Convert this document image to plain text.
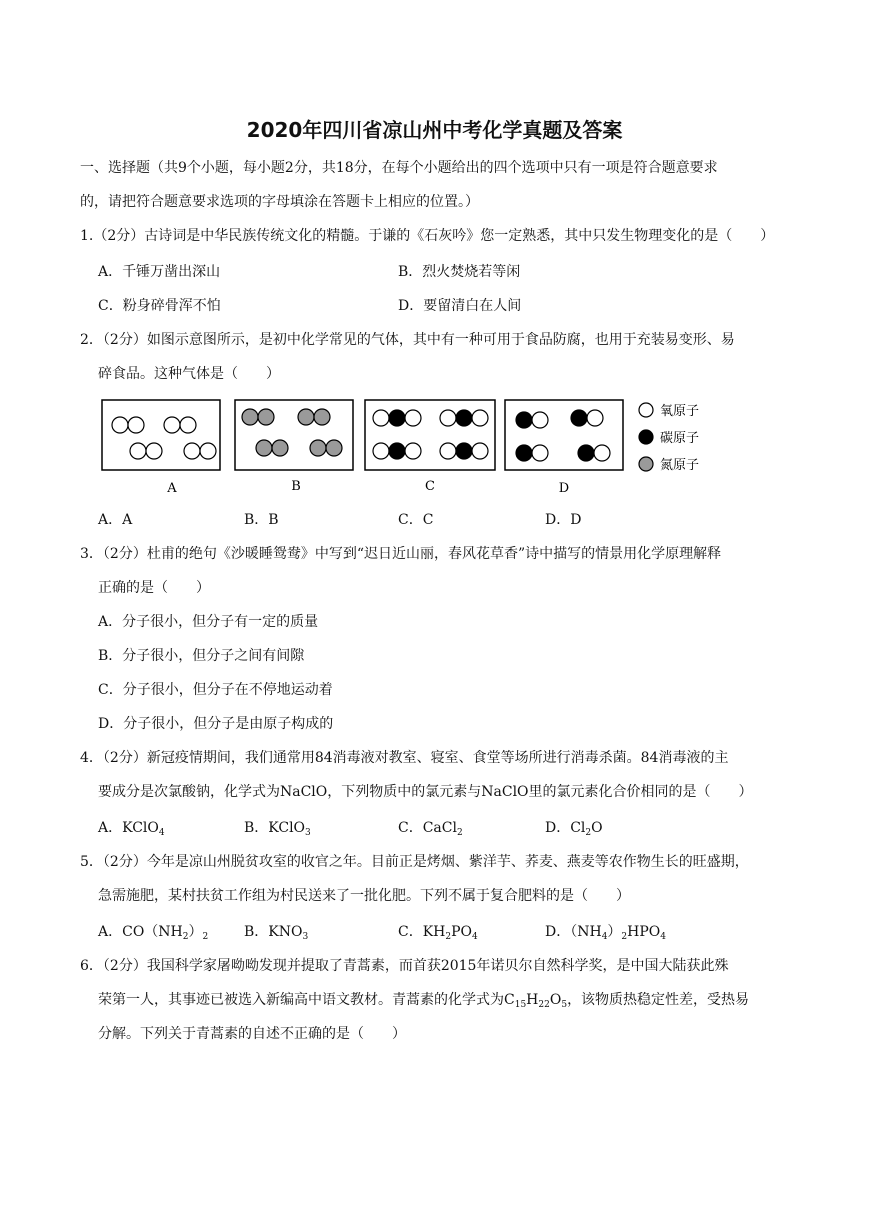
2020年四川省凉山州中考化学真题及答案
一、选择题（共9个小题，每小题2分，共18分，在每个小题给出的四个选项中只有一项是符合题意要求
的，请把符合题意要求选项的字母填涂在答题卡上相应的位置。）
1.（2分）古诗词是中华民族传统文化的精髓。于谦的《石灰吟》您一定熟悉，其中只发生物理变化的是（　　）
A．千锤万凿出深山	B．烈火焚烧若等闲
C．粉身碎骨浑不怕	D．要留清白在人间
2．（2分）如图示意图所示，是初中化学常见的气体，其中有一种可用于食品防腐，也用于充装易变形、易
碎食品。这种气体是（　　）
A	B	C	D
氧原子
碳原子
氮原子
A．A	B．B	C．C	D．D
3．（2分）杜甫的绝句《沙暖睡鸳鸯》中写到“迟日近山丽，春风花草香”诗中描写的情景用化学原理解释
正确的是（　　）
A．分子很小，但分子有一定的质量
B．分子很小，但分子之间有间隙
C．分子很小，但分子在不停地运动着
D．分子很小，但分子是由原子构成的
4．（2分）新冠疫情期间，我们通常用84消毒液对教室、寝室、食堂等场所进行消毒杀菌。84消毒液的主
要成分是次氯酸钠，化学式为NaClO，下列物质中的氯元素与NaClO里的氯元素化合价相同的是（　　）
A．KClO$_4$	B．KClO$_3$	C．CaCl$_2$	D．$Cl_2O$
5．（2分）今年是凉山州脱贫攻室的收官之年。目前正是烤烟、紫洋芋、荞麦、燕麦等农作物生长的旺盛期，
急需施肥，某村扶贫工作组为村民送来了一批化肥。下列不属于复合肥料的是（　　）
A．$CO(NH_2)_2$	B．$KNO_3$	C．$KH_2PO_4$	D．$(NH_4)_2HPO_4$
6．（2分）我国科学家屠呦呦发现并提取了青蒿素，而首获2015年诺贝尔自然科学奖，是中国大陆获此殊
荣第一人，其事迹已被选入新编高中语文教材。青蒿素的化学式为$C_{15}H_{22}O_5$，该物质热稳定性差，受热易
分解。下列关于青蒿素的自述不正确的是（　　）
